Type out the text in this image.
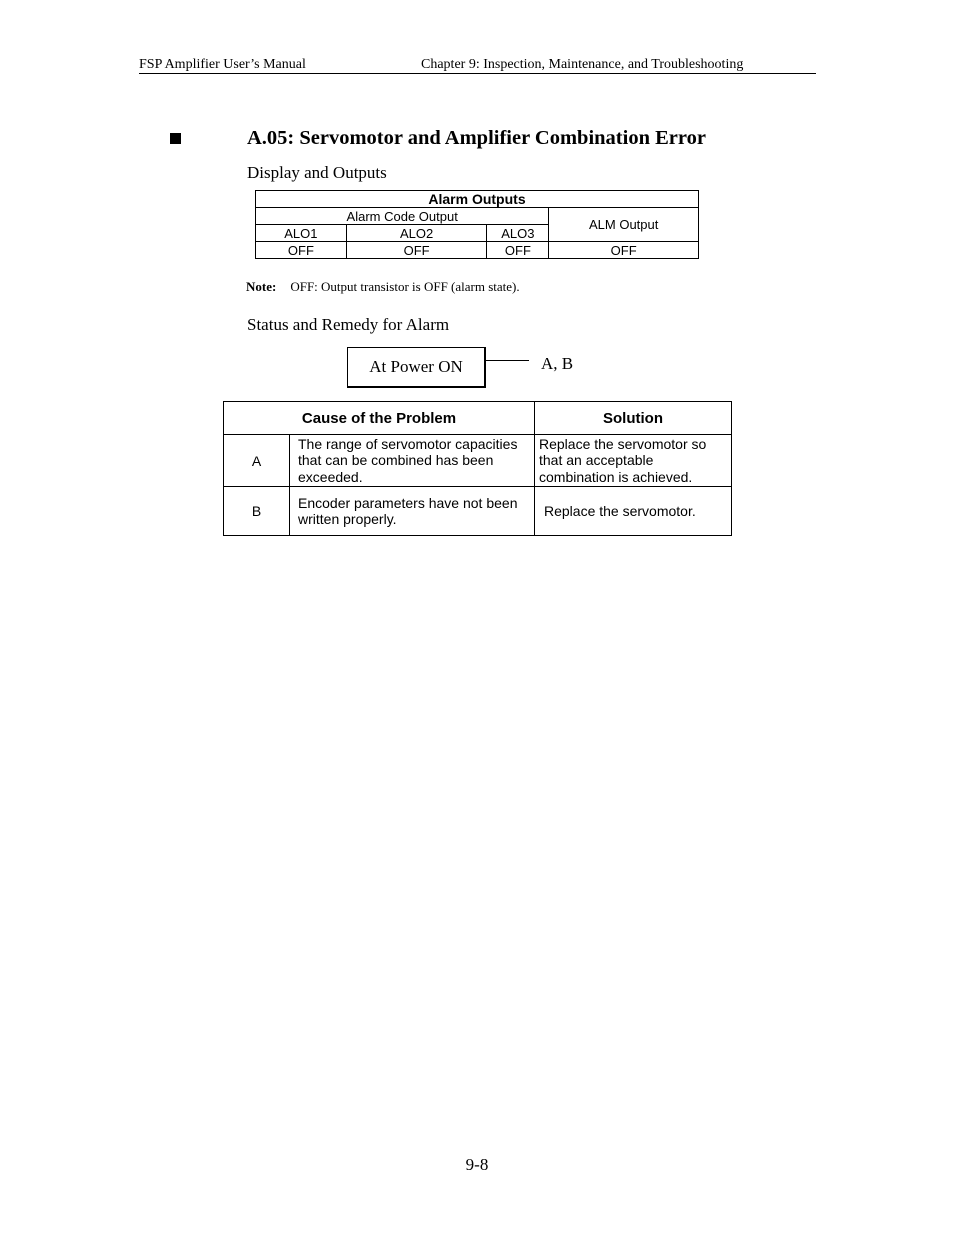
FSP Amplifier User’s Manual	Chapter 9: Inspection, Maintenance, and Troubleshooting
A.05: Servomotor and Amplifier Combination Error
Display and Outputs
Alarm Outputs			
Alarm Code Output			ALM Output
ALO1	ALO2	ALO3	
OFF	OFF	OFF	OFF
Note: OFF: Output transistor is OFF (alarm state).
Status and Remedy for Alarm
At Power ON	A, B
Cause of the Problem		Solution
A	The range of servomotor capacities that can be combined has been exceeded.	Replace the servomotor so that an acceptable combination is achieved.
B	Encoder parameters have not been written properly.	Replace the servomotor.
9-8
